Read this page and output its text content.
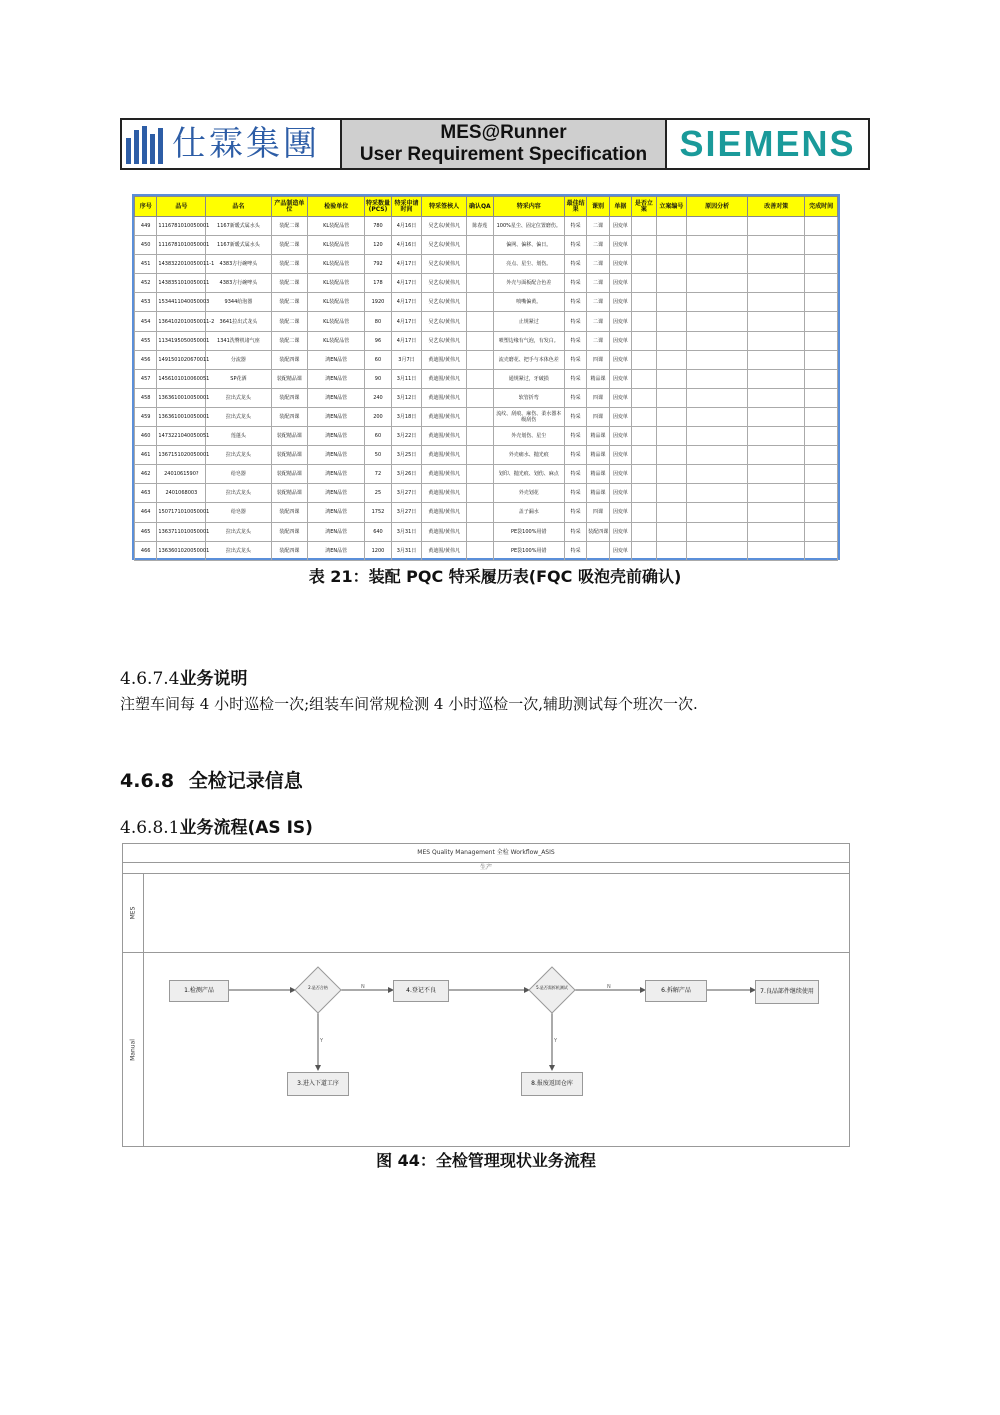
仕霖集團	MES@Runner
User Requirement Specification SIEMENS
序号	品号	品名	产品制造单位	检验单位	特采数量(PCS)	特采申请时间	特采签核人	确认QA	特采内容	最佳结果	课别	单据	是否立案	立案编号	原因分析	改善对策	完成时间
449	1116781010050001	1167新暖式属水头	装配二课	KL装配品管	780	4月16日	吴艺东/黄伟凡	陈春莲	100%星尘、固定位置磨伤。	特采	二课	因変单					
450	1116781010050001	1167新暖式属水头	装配二课	KL装配品管	120	4月16日	吴艺东/黄伟凡		偏网、偏移、偏日。	特采	二课	因変单					
451	1438322010050011-1	4383方行碗啤头	装配二课	KL装配品管	792	4月17日	吴艺东/黄伟凡		亮点、星尘、划伤。	特采	二课	因変单					
452	1438351010050011	4383方行碗啤头	装配二课	KL装配品管	178	4月17日	吴艺东/黄伟凡		外壳与面板配合色差	特采	二课	因変单					
453	1534411040050003	9344给泡器	装配二课	KL装配品管	1920	4月17日	吴艺东/黄伟凡		喷嘴偏黄。	特采	二课	因変单					
454	1364102010050011-2	3641拉出式龙头	装配二课	KL装配品管	80	4月17日	吴艺东/黄伟凡		止规紧过	特采	二课	因変单					
455	1134195050050001	1341洗臀机诸气座	装配二课	KL装配品管	96	4月17日	吴艺东/黄伟凡		喷塑边缘有气泡，有发白。	特采	二课	因変单					
456	1491501020670011	分流器	装配四课	鸿EN品管	60	3月7日	黄迪围/黄伟凡		流壳磨花、把手与本体色差	特采	四课	因変单					
457	1456101010060051	SP花洒	装配精品课	鸿EN品管	90	3月11日	黄迪围/黄伟凡		通规紧过，牙破损	特采	精品课	因変单					
458	1363610010050001	拉出式龙头	装配四课	鸿EN品管	240	3月12日	黄迪围/黄伟凡		软管折弯	特采	四课	因変单					
459	1363610010050001	拉出式龙头	装配四课	鸿EN品管	200	3月18日	黄迪围/黄伟凡		流纹、刮痕、麻伤、柔水器本级刮伤	特采	四课	因変单					
460	1473221040050051	莲蓬头	装配精品课	鸿EN品管	60	3月22日	黄迪围/黄伟凡		外壳划伤、星尘	特采	精品课	因変单					
461	1367151020050001	拉出式龙头	装配精品课	鸿EN品管	50	3月25日	黄迪围/黄伟凡		外壳痛水、抛光痕	特采	精品课	因変单					
462	2401061590?	给皂器	装配精品课	鸿EN品管	72	3月26日	黄迪围/黄伟凡		划印、抛光痕、划伤、麻点	特采	精品课	因変单					
463	2401068003	拉出式龙头	装配精品课	鸿EN品管	25	3月27日	黄迪围/黄伟凡		外壳划花	特采	精品课	因変单					
464	1507171010050001	给皂器	装配四课	鸿EN品管	1752	3月27日	黄迪围/黄伟凡		盖子漏水	特采	四课	因変单					
465	1363711010050001	拉出式龙头	装配四课	鸿EN品管	640	3月31日	黄迪围/黄伟凡		PE袋100%用错	特采	装配四课	因変单					
466	1363601020050001	拉出式龙头	装配四课	鸿EN品管	1200	3月31日	黄迪围/黄伟凡		PE袋100%用错	特采		因変单					
表 21：装配 PQC 特采履历表(FQC 吸泡壳前确认)
4.6.7.4业务说明
注塑车间每 4 小时巡检一次;组装车间常规检测 4 小时巡检一次,辅助测试每个班次一次.
4.6.8 全检记录信息
4.6.8.1业务流程(AS IS)
MES Quality Management 全检 Workflow_ASIS
生产
MES
Manual
N
Y
N
Y
1.检测产品	2.是否合格	4.登记不良	5.是否需拆机测试	6.拆解产品	7.良品部件继续使用
3.进入下道工序	8.报废返回仓库
图 44：全检管理现状业务流程
